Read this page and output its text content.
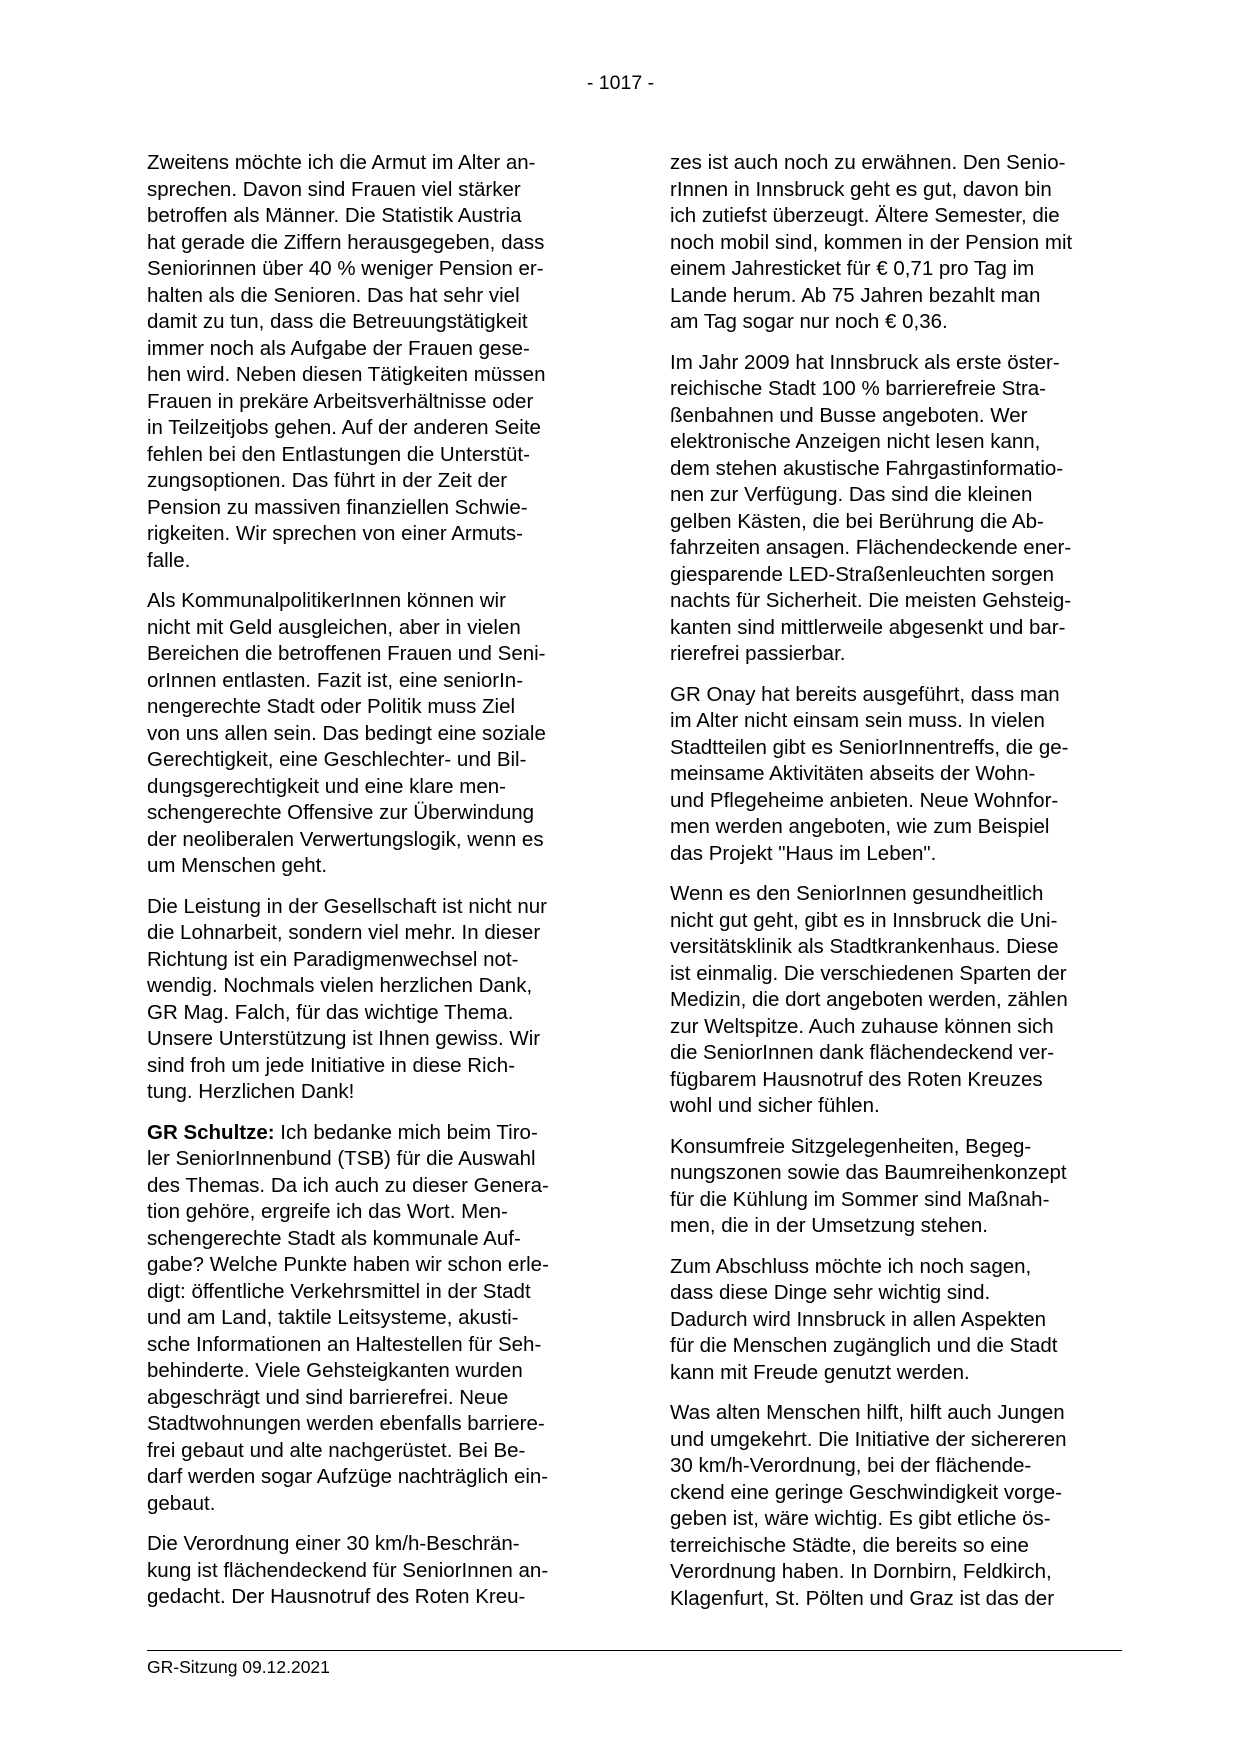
- 1017 -

Zweitens möchte ich die Armut im Alter an-
sprechen. Davon sind Frauen viel stärker
betroffen als Männer. Die Statistik Austria
hat gerade die Ziffern herausgegeben, dass
Seniorinnen über 40 % weniger Pension er-
halten als die Senioren. Das hat sehr viel
damit zu tun, dass die Betreuungstätigkeit
immer noch als Aufgabe der Frauen gese-
hen wird. Neben diesen Tätigkeiten müssen
Frauen in prekäre Arbeitsverhältnisse oder
in Teilzeitjobs gehen. Auf der anderen Seite
fehlen bei den Entlastungen die Unterstüt-
zungsoptionen. Das führt in der Zeit der
Pension zu massiven finanziellen Schwie-
rigkeiten. Wir sprechen von einer Armuts-
falle.

Als KommunalpolitikerInnen können wir
nicht mit Geld ausgleichen, aber in vielen
Bereichen die betroffenen Frauen und Seni-
orInnen entlasten. Fazit ist, eine seniorIn-
nengerechte Stadt oder Politik muss Ziel
von uns allen sein. Das bedingt eine soziale
Gerechtigkeit, eine Geschlechter- und Bil-
dungsgerechtigkeit und eine klare men-
schengerechte Offensive zur Überwindung
der neoliberalen Verwertungslogik, wenn es
um Menschen geht.

Die Leistung in der Gesellschaft ist nicht nur
die Lohnarbeit, sondern viel mehr. In dieser
Richtung ist ein Paradigmenwechsel not-
wendig. Nochmals vielen herzlichen Dank,
GR Mag. Falch, für das wichtige Thema.
Unsere Unterstützung ist Ihnen gewiss. Wir
sind froh um jede Initiative in diese Rich-
tung. Herzlichen Dank!

GR Schultze: Ich bedanke mich beim Tiro-
ler SeniorInnenbund (TSB) für die Auswahl
des Themas. Da ich auch zu dieser Genera-
tion gehöre, ergreife ich das Wort. Men-
schengerechte Stadt als kommunale Auf-
gabe? Welche Punkte haben wir schon erle-
digt: öffentliche Verkehrsmittel in der Stadt
und am Land, taktile Leitsysteme, akusti-
sche Informationen an Haltestellen für Seh-
behinderte. Viele Gehsteigkanten wurden
abgeschrägt und sind barrierefrei. Neue
Stadtwohnungen werden ebenfalls barriere-
frei gebaut und alte nachgerüstet. Bei Be-
darf werden sogar Aufzüge nachträglich ein-
gebaut.

Die Verordnung einer 30 km/h-Beschrän-
kung ist flächendeckend für SeniorInnen an-
gedacht. Der Hausnotruf des Roten Kreu-

zes ist auch noch zu erwähnen. Den Senio-
rInnen in Innsbruck geht es gut, davon bin
ich zutiefst überzeugt. Ältere Semester, die
noch mobil sind, kommen in der Pension mit
einem Jahresticket für € 0,71 pro Tag im
Lande herum. Ab 75 Jahren bezahlt man
am Tag sogar nur noch € 0,36.

Im Jahr 2009 hat Innsbruck als erste öster-
reichische Stadt 100 % barrierefreie Stra-
ßenbahnen und Busse angeboten. Wer
elektronische Anzeigen nicht lesen kann,
dem stehen akustische Fahrgastinformatio-
nen zur Verfügung. Das sind die kleinen
gelben Kästen, die bei Berührung die Ab-
fahrzeiten ansagen. Flächendeckende ener-
giesparende LED-Straßenleuchten sorgen
nachts für Sicherheit. Die meisten Gehsteig-
kanten sind mittlerweile abgesenkt und bar-
rierefrei passierbar.

GR Onay hat bereits ausgeführt, dass man
im Alter nicht einsam sein muss. In vielen
Stadtteilen gibt es SeniorInnentreffs, die ge-
meinsame Aktivitäten abseits der Wohn-
und Pflegeheime anbieten. Neue Wohnfor-
men werden angeboten, wie zum Beispiel
das Projekt "Haus im Leben".

Wenn es den SeniorInnen gesundheitlich
nicht gut geht, gibt es in Innsbruck die Uni-
versitätsklinik als Stadtkrankenhaus. Diese
ist einmalig. Die verschiedenen Sparten der
Medizin, die dort angeboten werden, zählen
zur Weltspitze. Auch zuhause können sich
die SeniorInnen dank flächendeckend ver-
fügbarem Hausnotruf des Roten Kreuzes
wohl und sicher fühlen.

Konsumfreie Sitzgelegenheiten, Begeg-
nungszonen sowie das Baumreihenkonzept
für die Kühlung im Sommer sind Maßnah-
men, die in der Umsetzung stehen.

Zum Abschluss möchte ich noch sagen,
dass diese Dinge sehr wichtig sind.
Dadurch wird Innsbruck in allen Aspekten
für die Menschen zugänglich und die Stadt
kann mit Freude genutzt werden.

Was alten Menschen hilft, hilft auch Jungen
und umgekehrt. Die Initiative der sichereren
30 km/h-Verordnung, bei der flächende-
ckend eine geringe Geschwindigkeit vorge-
geben ist, wäre wichtig. Es gibt etliche ös-
terreichische Städte, die bereits so eine
Verordnung haben. In Dornbirn, Feldkirch,
Klagenfurt, St. Pölten und Graz ist das der

GR-Sitzung 09.12.2021
